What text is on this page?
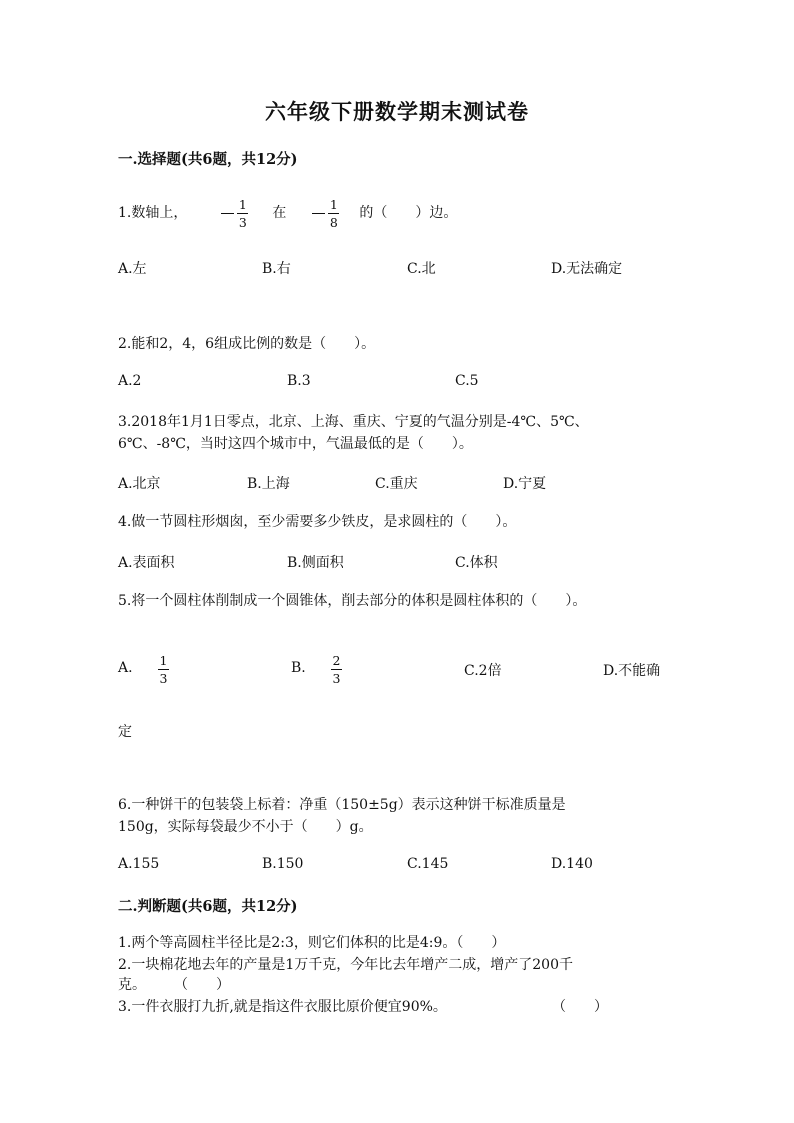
六年级下册数学期末测试卷
一.选择题(共6题，共12分)
1.数轴上，	$\frac{1}{3}$ 在	$\frac{1}{8}$ 的（　　）边。
A.左	B.右	C.北	D.无法确定
2.能和2，4，6组成比例的数是（　　）。
A.2	B.3	C.5
3.2018年1月1日零点，北京、上海、重庆、宁夏的气温分别是-4℃、5℃、
6℃、-8℃，当时这四个城市中，气温最低的是（　　）。
A.北京	B.上海	C.重庆	D.宁夏
4.做一节圆柱形烟囱，至少需要多少铁皮，是求圆柱的（　　）。
A.表面积	B.侧面积	C.体积
5.将一个圆柱体削制成一个圆锥体，削去部分的体积是圆柱体积的（　　）。
A. $\frac{1}{3}$	B. $\frac{2}{3}$	C.2倍	D.不能确
定
6.一种饼干的包装袋上标着：净重（150±5g）表示这种饼干标准质量是
150g，实际每袋最少不小于（　　）g。
A.155	B.150	C.145	D.140
二.判断题(共6题，共12分)
1.两个等高圆柱半径比是2:3，则它们体积的比是4:9。（　　）
2.一块棉花地去年的产量是1万千克，今年比去年增产二成，增产了200千
克。　　　（　　）
3.一件衣服打九折,就是指这件衣服比原价便宜90%。	（　　）
